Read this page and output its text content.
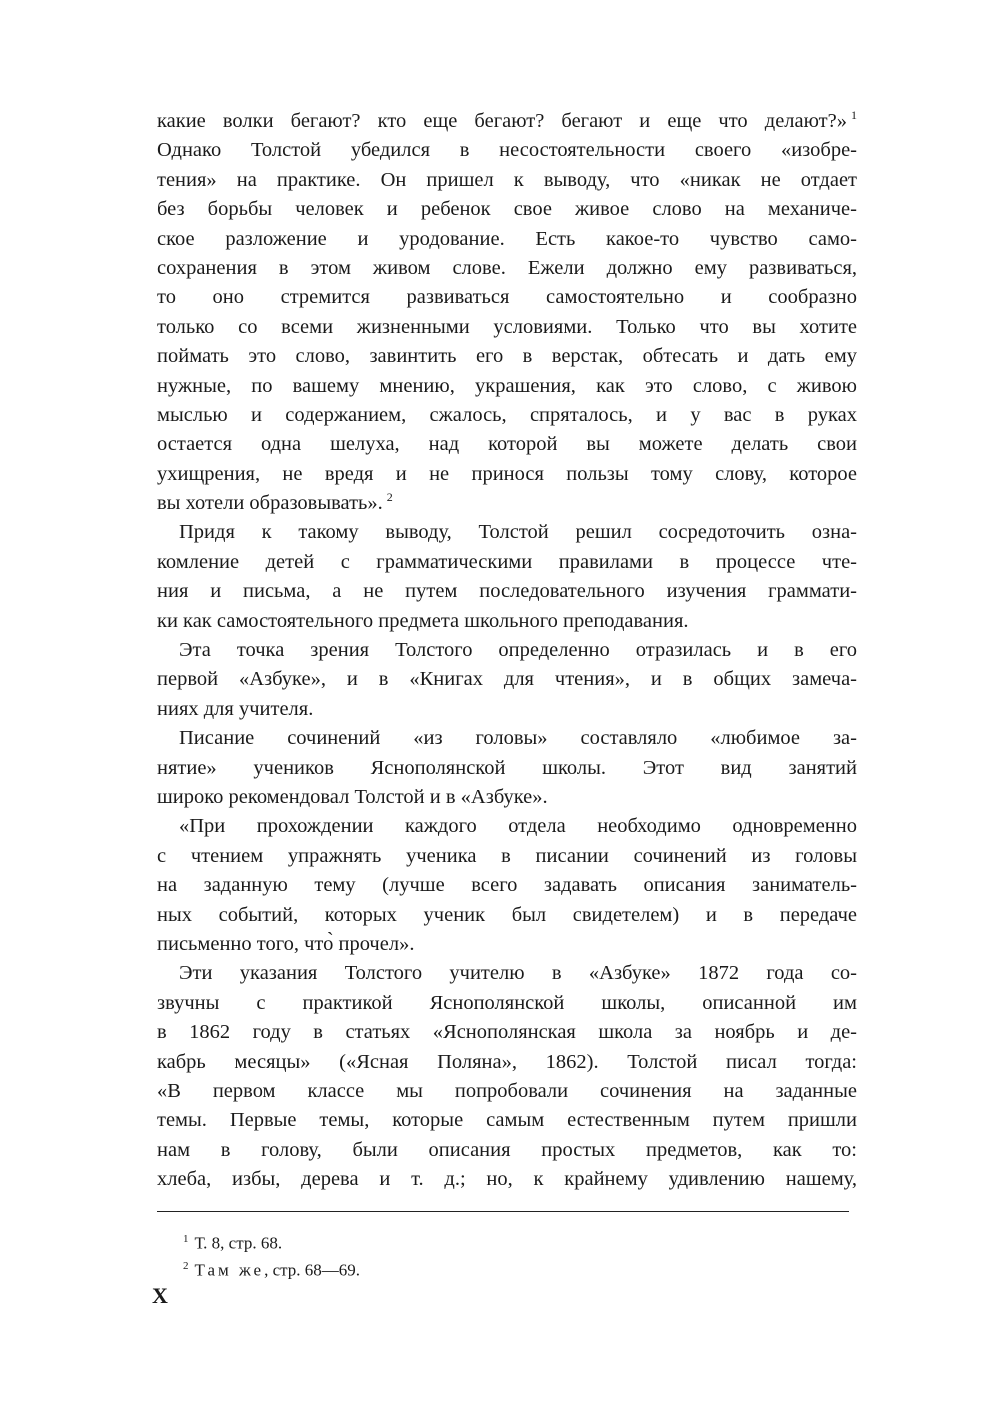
какие волки бегают? кто еще бегают? бегают и еще что делают?» $^1$
Однако Толстой убедился в несостоятельности своего «изобре-
тения» на практике. Он пришел к выводу, что «никак не отдает
без борьбы человек и ребенок свое живое слово на механиче-
ское разложение и уродование. Есть какое-то чувство само-
сохранения в этом живом слове. Ежели должно ему развиваться,
то оно стремится развиваться самостоятельно и сообразно
только со всеми жизненными условиями. Только что вы хотите
поймать это слово, завинтить его в верстак, обтесать и дать ему
нужные, по вашему мнению, украшения, как это слово, с живою
мыслью и содержанием, сжалось, спряталось, и у вас в руках
остается одна шелуха, над которой вы можете делать свои
ухищрения, не вредя и не принося пользы тому слову, которое
вы хотели образовывать». $^2$
Придя к такому выводу, Толстой решил сосредоточить озна-
комление детей с грамматическими правилами в процессе чте-
ния и письма, а не путем последовательного изучения граммати-
ки как самостоятельного предмета школьного преподавания.
Эта точка зрения Толстого определенно отразилась и в его
первой «Азбуке», и в «Книгах для чтения», и в общих замеча-
ниях для учителя.
Писание сочинений «из головы» составляло «любимое за-
нятие» учеников Яснополянской школы. Этот вид занятий
широко рекомендовал Толстой и в «Азбуке».
«При прохождении каждого отдела необходимо одновременно
с чтением упражнять ученика в писании сочинений из головы
на заданную тему (лучше всего задавать описания заниматель-
ных событий, которых ученик был свидетелем) и в передаче
письменно того, что̀ прочел».
Эти указания Толстого учителю в «Азбуке» 1872 года со-
звучны с практикой Яснополянской школы, описанной им
в 1862 году в статьях «Яснополянская школа за ноябрь и де-
кабрь месяцы» («Ясная Поляна», 1862). Толстой писал тогда:
«В первом классе мы попробовали сочинения на заданные
темы. Первые темы, которые самым естественным путем пришли
нам в голову, были описания простых предметов, как то:
хлеба, избы, дерева и т. д.; но, к крайнему удивлению нашему,
$^1$ Т. 8, стр. 68.
$^2$ Там же, стр. 68—69.
X
